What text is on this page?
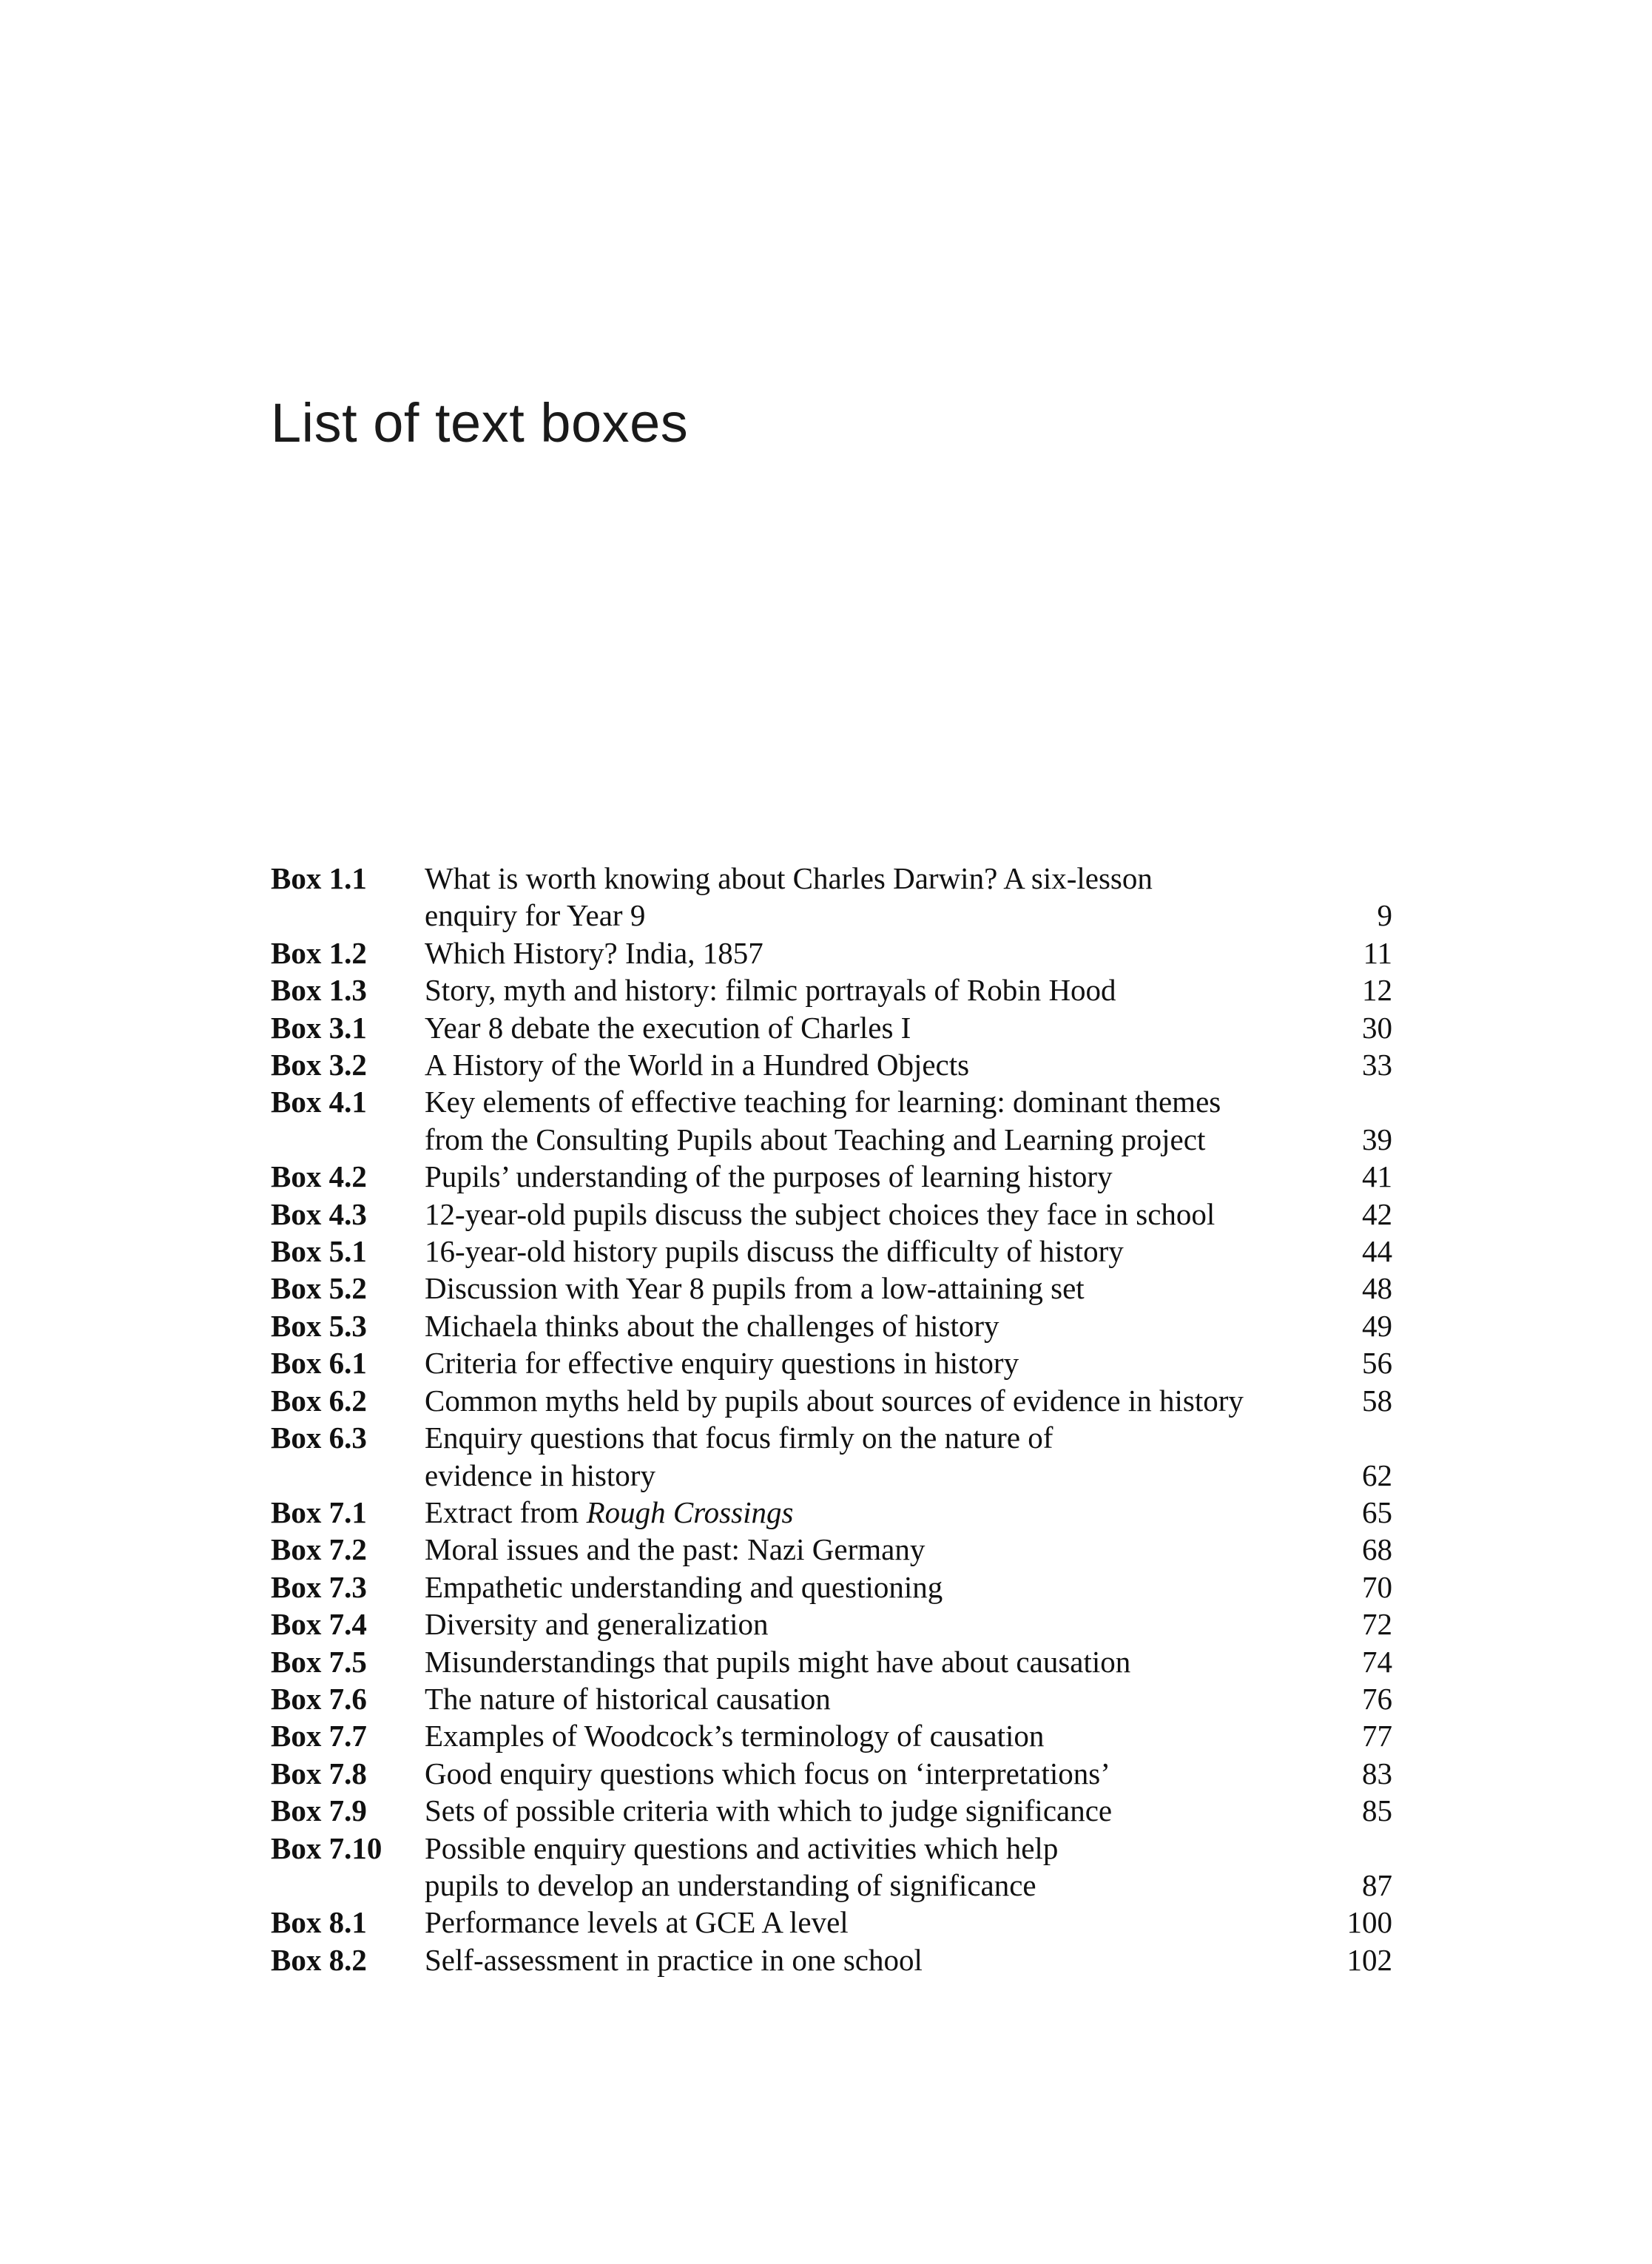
List of text boxes
Box 1.1	What is worth knowing about Charles Darwin? A six-lesson
enquiry for Year 9	9
Box 1.2	Which History? India, 1857	11
Box 1.3	Story, myth and history: filmic portrayals of Robin Hood	12
Box 3.1	Year 8 debate the execution of Charles I	30
Box 3.2	A History of the World in a Hundred Objects	33
Box 4.1	Key elements of effective teaching for learning: dominant themes
from the Consulting Pupils about Teaching and Learning project	39
Box 4.2	Pupils’ understanding of the purposes of learning history	41
Box 4.3	12-year-old pupils discuss the subject choices they face in school	42
Box 5.1	16-year-old history pupils discuss the difficulty of history	44
Box 5.2	Discussion with Year 8 pupils from a low-attaining set	48
Box 5.3	Michaela thinks about the challenges of history	49
Box 6.1	Criteria for effective enquiry questions in history	56
Box 6.2	Common myths held by pupils about sources of evidence in history	58
Box 6.3	Enquiry questions that focus firmly on the nature of
evidence in history	62
Box 7.1	Extract from Rough Crossings	65
Box 7.2	Moral issues and the past: Nazi Germany	68
Box 7.3	Empathetic understanding and questioning	70
Box 7.4	Diversity and generalization	72
Box 7.5	Misunderstandings that pupils might have about causation	74
Box 7.6	The nature of historical causation	76
Box 7.7	Examples of Woodcock’s terminology of causation	77
Box 7.8	Good enquiry questions which focus on ‘interpretations’	83
Box 7.9	Sets of possible criteria with which to judge significance	85
Box 7.10	Possible enquiry questions and activities which help
pupils to develop an understanding of significance	87
Box 8.1	Performance levels at GCE A level	100
Box 8.2	Self-assessment in practice in one school	102
